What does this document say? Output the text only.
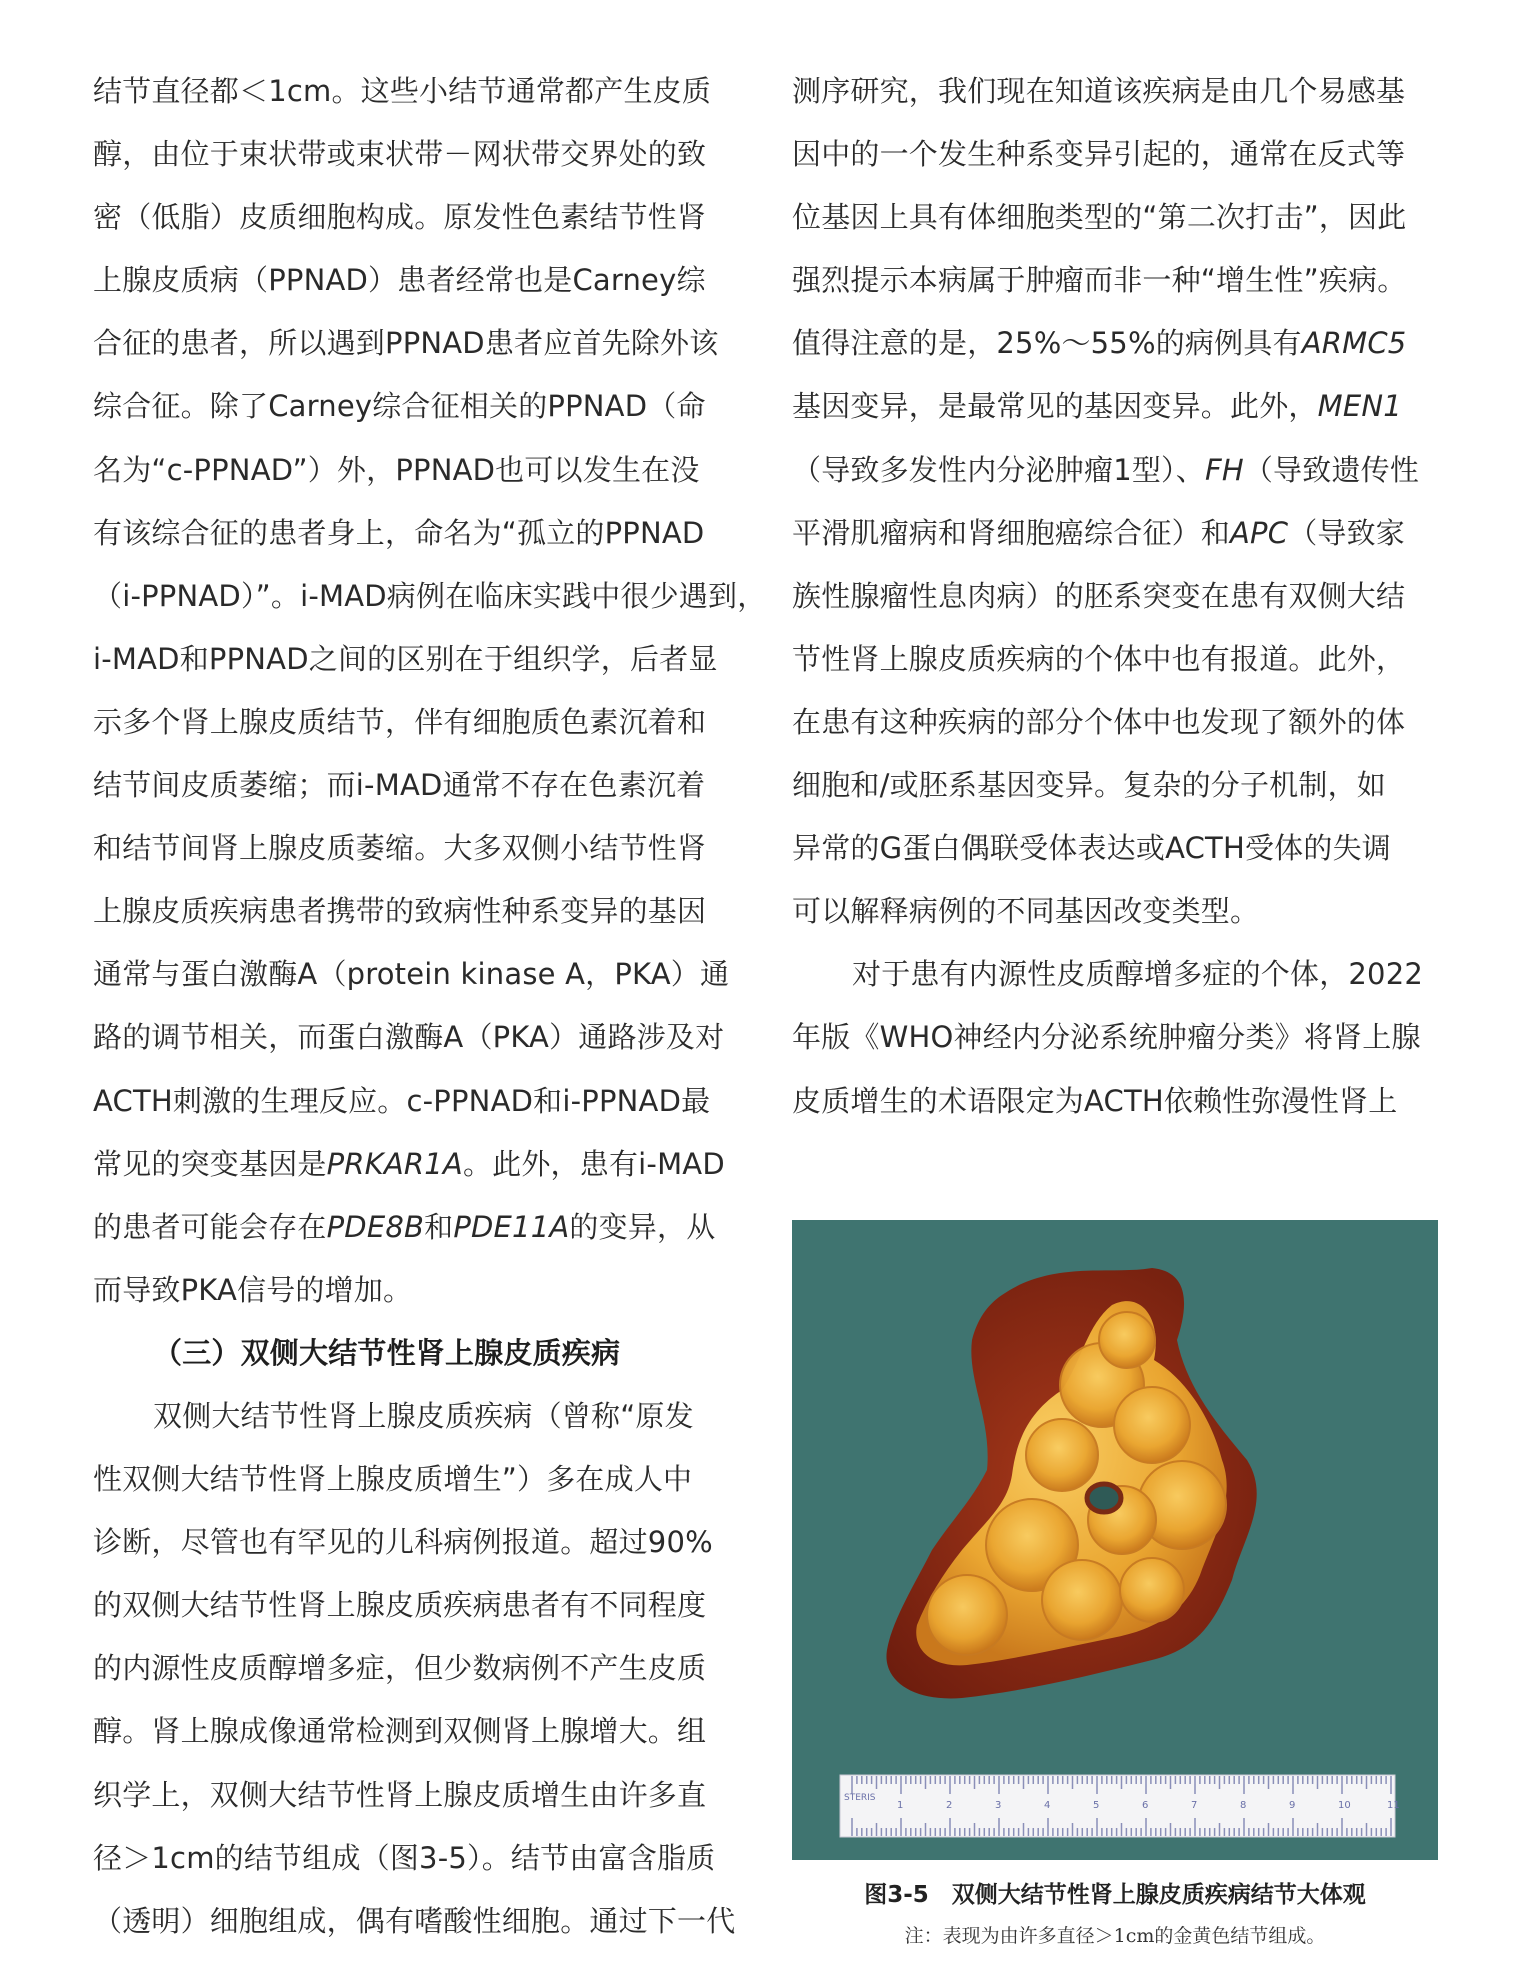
结节直径都＜1cm。这些小结节通常都产生皮质
醇，由位于束状带或束状带－网状带交界处的致
密（低脂）皮质细胞构成。原发性色素结节性肾
上腺皮质病（PPNAD）患者经常也是Carney综
合征的患者，所以遇到PPNAD患者应首先除外该
综合征。除了Carney综合征相关的PPNAD（命
名为“c-PPNAD”）外，PPNAD也可以发生在没
有该综合征的患者身上，命名为“孤立的PPNAD
（i-PPNAD）”。i-MAD病例在临床实践中很少遇到，
i-MAD和PPNAD之间的区别在于组织学，后者显
示多个肾上腺皮质结节，伴有细胞质色素沉着和
结节间皮质萎缩；而i-MAD通常不存在色素沉着
和结节间肾上腺皮质萎缩。大多双侧小结节性肾
上腺皮质疾病患者携带的致病性种系变异的基因
通常与蛋白激酶A（protein kinase A，PKA）通
路的调节相关，而蛋白激酶A（PKA）通路涉及对
ACTH刺激的生理反应。c-PPNAD和i-PPNAD最
常见的突变基因是PRKAR1A。此外，患有i-MAD
的患者可能会存在PDE8B和PDE11A的变异，从
而导致PKA信号的增加。
（三）双侧大结节性肾上腺皮质疾病
双侧大结节性肾上腺皮质疾病（曾称“原发
性双侧大结节性肾上腺皮质增生”）多在成人中
诊断，尽管也有罕见的儿科病例报道。超过90%
的双侧大结节性肾上腺皮质疾病患者有不同程度
的内源性皮质醇增多症，但少数病例不产生皮质
醇。肾上腺成像通常检测到双侧肾上腺增大。组
织学上，双侧大结节性肾上腺皮质增生由许多直
径＞1cm的结节组成（图3-5）。结节由富含脂质
（透明）细胞组成，偶有嗜酸性细胞。通过下一代
测序研究，我们现在知道该疾病是由几个易感基
因中的一个发生种系变异引起的，通常在反式等
位基因上具有体细胞类型的“第二次打击”，因此
强烈提示本病属于肿瘤而非一种“增生性”疾病。
值得注意的是，25%～55%的病例具有ARMC5
基因变异，是最常见的基因变异。此外，MEN1
（导致多发性内分泌肿瘤1型）、FH（导致遗传性
平滑肌瘤病和肾细胞癌综合征）和APC（导致家
族性腺瘤性息肉病）的胚系突变在患有双侧大结
节性肾上腺皮质疾病的个体中也有报道。此外，
在患有这种疾病的部分个体中也发现了额外的体
细胞和/或胚系基因变异。复杂的分子机制，如
异常的G蛋白偶联受体表达或ACTH受体的失调
可以解释病例的不同基因改变类型。
对于患有内源性皮质醇增多症的个体，2022
年版《WHO神经内分泌系统肿瘤分类》将肾上腺
皮质增生的术语限定为ACTH依赖性弥漫性肾上
STERIS
1	2	3	4	5	6	7	8	9	10	11
图3-5　双侧大结节性肾上腺皮质疾病结节大体观
注：表现为由许多直径＞1cm的金黄色结节组成。
